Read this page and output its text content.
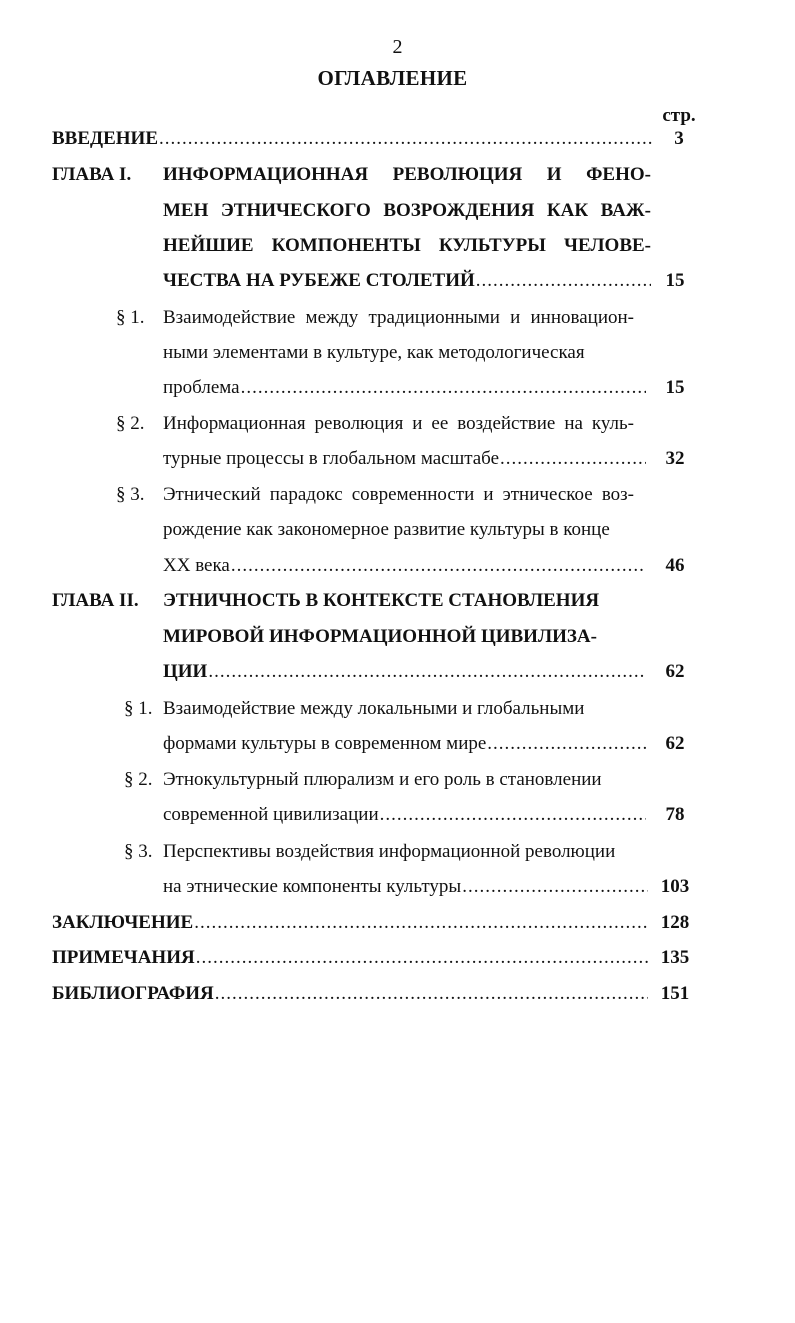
2
ОГЛАВЛЕНИЕ
стр.
ВВЕДЕНИЕ .....	3
ГЛАВА I. ИНФОРМАЦИОННАЯ РЕВОЛЮЦИЯ И ФЕНО-
МЕН ЭТНИЧЕСКОГО ВОЗРОЖДЕНИЯ КАК ВАЖ-
НЕЙШИЕ КОМПОНЕНТЫ КУЛЬТУРЫ ЧЕЛОВЕ-
ЧЕСТВА НА РУБЕЖЕ СТОЛЕТИЙ .....	15
§ 1. Взаимодействие между традиционными и инновацион-
ными элементами в культуре, как методологическая
проблема .....	15
§ 2. Информационная революция и ее воздействие на куль-
турные процессы в глобальном масштабе .....	32
§ 3. Этнический парадокс современности и этническое воз-
рождение как закономерное развитие культуры в конце
XX века .....	46
ГЛАВА II. ЭТНИЧНОСТЬ В КОНТЕКСТЕ СТАНОВЛЕНИЯ
МИРОВОЙ ИНФОРМАЦИОННОЙ ЦИВИЛИЗА-
ЦИИ .....	62
§ 1. Взаимодействие между локальными и глобальными
формами культуры в современном мире .....	62
§ 2. Этнокультурный плюрализм и его роль в становлении
современной цивилизации .....	78
§ 3. Перспективы воздействия информационной революции
на этнические компоненты культуры .....	103
ЗАКЛЮЧЕНИЕ .....	128
ПРИМЕЧАНИЯ .....	135
БИБЛИОГРАФИЯ .....	151
